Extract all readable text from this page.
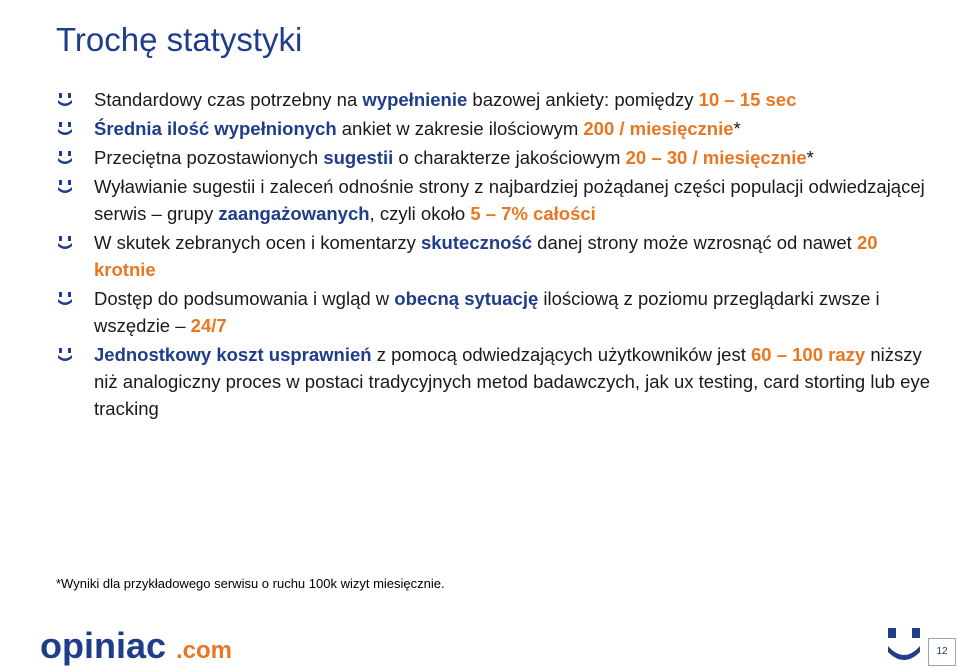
Trochę statystyki
Standardowy czas potrzebny na wypełnienie bazowej ankiety: pomiędzy 10 – 15 sec
Średnia ilość wypełnionych ankiet w zakresie ilościowym 200 / miesięcznie*
Przeciętna pozostawionych sugestii o charakterze jakościowym 20 – 30 / miesięcznie*
Wyławianie sugestii i zaleceń odnośnie strony z najbardziej pożądanej części populacji odwiedzającej serwis – grupy zaangażowanych, czyli około 5 – 7% całości
W skutek zebranych ocen i komentarzy skuteczność danej strony może wzrosnąć od nawet 20 krotnie
Dostęp do podsumowania i wgląd w obecną sytuację ilościową z poziomu przeglądarki zwsze i wszędzie – 24/7
Jednostkowy koszt usprawnień z pomocą odwiedzających użytkowników jest 60 – 100 razy niższy niż analogiczny proces w postaci tradycyjnych metod badawczych, jak ux testing, card storting lub eye tracking
*Wyniki dla przykładowego serwisu o ruchu 100k wizyt miesięcznie.
opiniac .com	12
